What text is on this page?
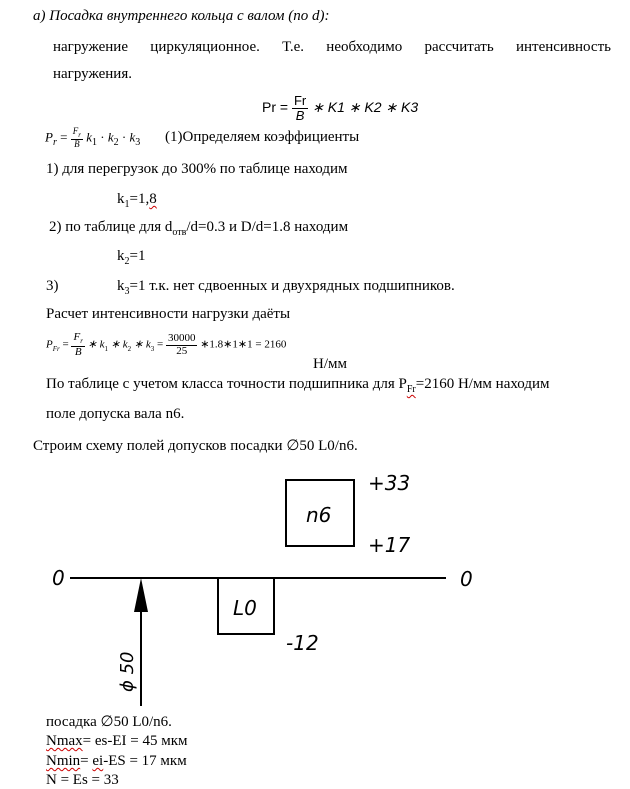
а) Посадка внутреннего кольца с валом (по d):
нагружение циркуляционное. Т.е. необходимо рассчитать интенсивность
нагружения.
$Pr = \frac{Fr}{B}$ ∗ K1 ∗ K2 ∗ K3
$P_r = \frac{F_r}{B} k_1 \cdot k_2 \cdot k_3$ (1)Определяем коэффициенты
1) для перегрузок до 300% по таблице находим
$k_1=1,8$
2) по таблице для $d_{отв}/d=0.3$ и D/d=1.8 находим
$k_2=1$
3)	$k_3=1$ т.к. нет сдвоенных и двухрядных подшипников.
Расчет интенсивности нагрузки даёты
$P_{Fr} = \frac{F_r}{B}$ ∗ $k_1$ ∗ $k_2$ ∗ $k_3 = \frac{30000}{25}$ ∗1.8∗1∗1 = 2160
Н/мм
По таблице с учетом класса точности подшипника для $P_{Fr}=2160$ Н/мм находим
поле допуска вала n6.
Строим схему полей допусков посадки ∅50 L0/n6.
n6
L0
+33
+17
0	0
-12
ϕ 50
посадка ∅50 L0/n6.
Nmax= es-EI = 45 мкм
Nmin= ei-ES = 17 мкм
N = Es = 33
